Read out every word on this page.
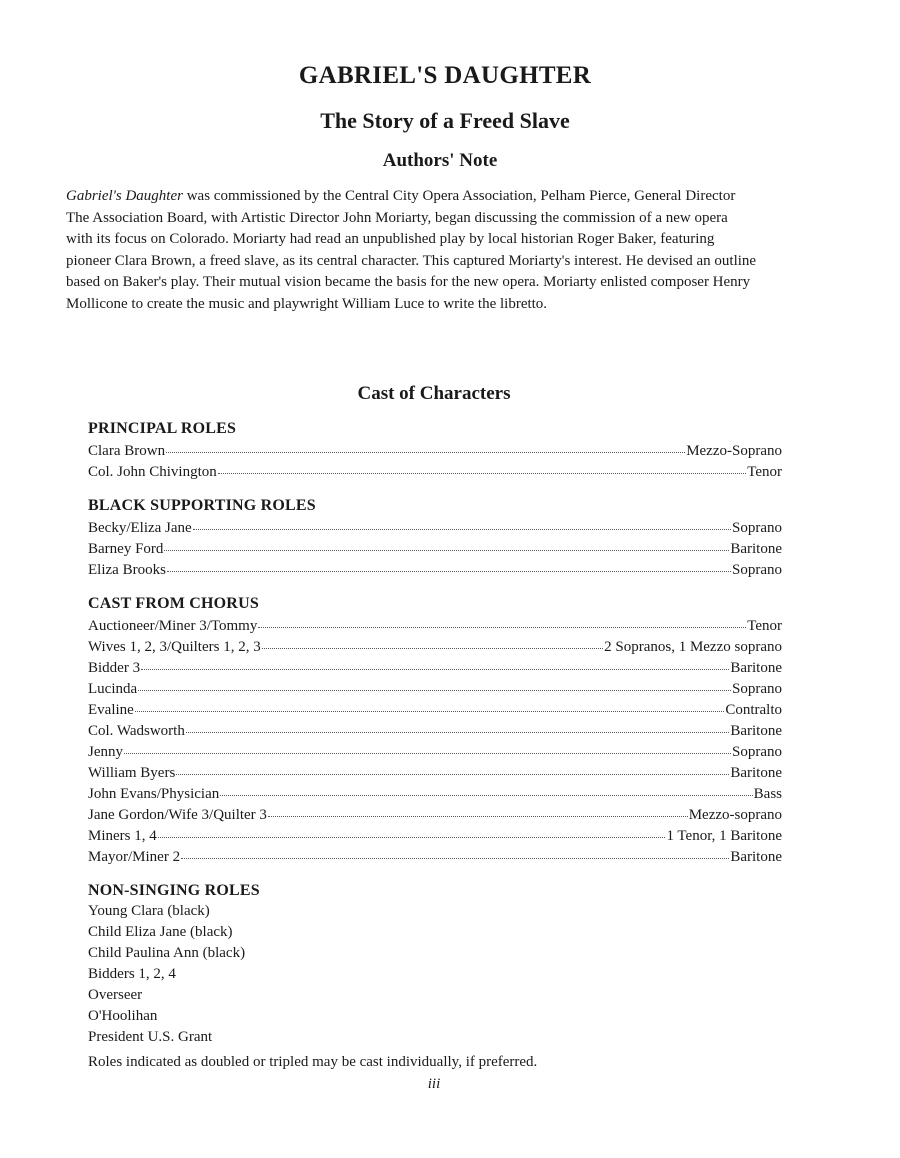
GABRIEL'S DAUGHTER
The Story of a Freed Slave
Authors' Note
Gabriel's Daughter was commissioned by the Central City Opera Association, Pelham Pierce, General Director
The Association Board, with Artistic Director John Moriarty, began discussing the commission of a new opera
with its focus on Colorado. Moriarty had read an unpublished play by local historian Roger Baker, featuring
pioneer Clara Brown, a freed slave, as its central character. This captured Moriarty's interest. He devised an outline
based on Baker's play. Their mutual vision became the basis for the new opera. Moriarty enlisted composer Henry
Mollicone to create the music and playwright William Luce to write the libretto.
Cast of Characters
PRINCIPAL ROLES
Clara Brown	Mezzo-Soprano
Col. John Chivington	Tenor
BLACK SUPPORTING ROLES
Becky/Eliza Jane	Soprano
Barney Ford	Baritone
Eliza Brooks	Soprano
CAST FROM CHORUS
Auctioneer/Miner 3/Tommy	Tenor
Wives 1, 2, 3/Quilters 1, 2, 3	2 Sopranos, 1 Mezzo soprano
Bidder 3	Baritone
Lucinda	Soprano
Evaline	Contralto
Col. Wadsworth	Baritone
Jenny	Soprano
William Byers	Baritone
John Evans/Physician	Bass
Jane Gordon/Wife 3/Quilter 3	Mezzo-soprano
Miners 1, 4	1 Tenor, 1 Baritone
Mayor/Miner 2	Baritone
NON-SINGING ROLES
Young Clara (black)
Child Eliza Jane (black)
Child Paulina Ann (black)
Bidders 1, 2, 4
Overseer
O'Hoolihan
President U.S. Grant
Roles indicated as doubled or tripled may be cast individually, if preferred.
iii
